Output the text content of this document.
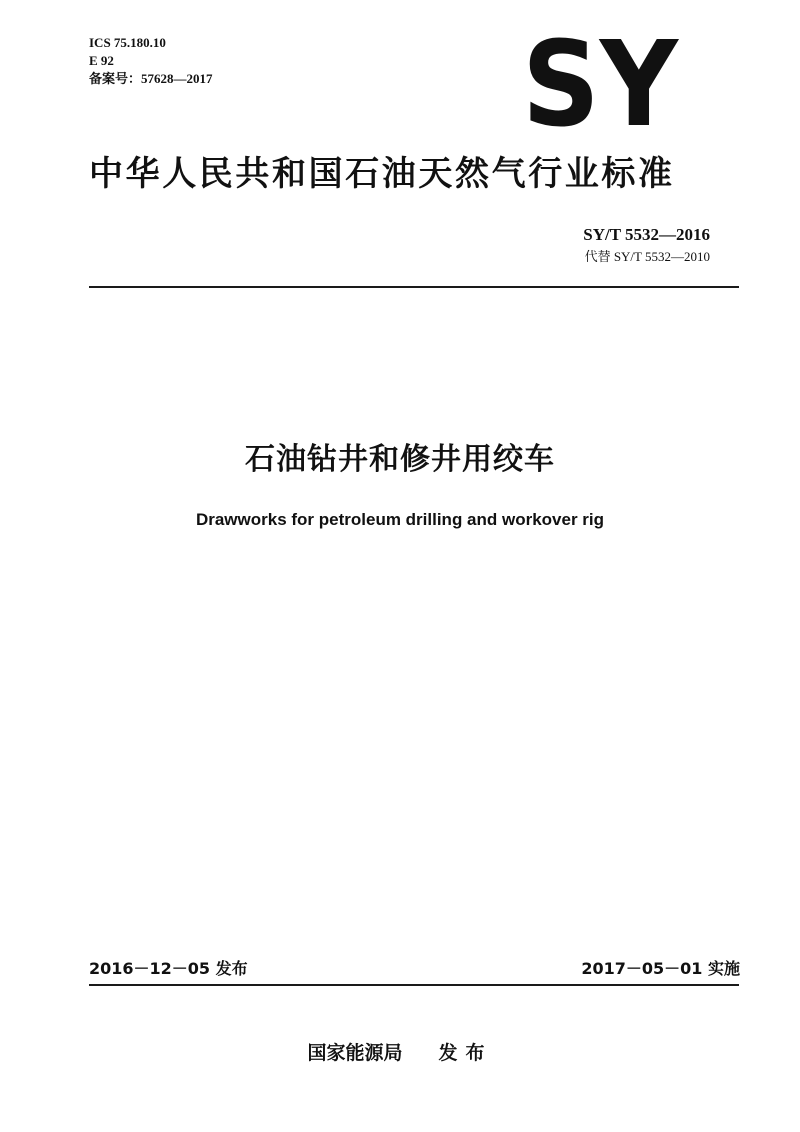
ICS 75.180.10
E 92
备案号：57628—2017	SY
中华人民共和国石油天然气行业标准
SY/T 5532—2016
代替 SY/T 5532—2010
石油钻井和修井用绞车
Drawworks for petroleum drilling and workover rig
2016－12－05 发布	2017－05－01 实施
国家能源局 发布
